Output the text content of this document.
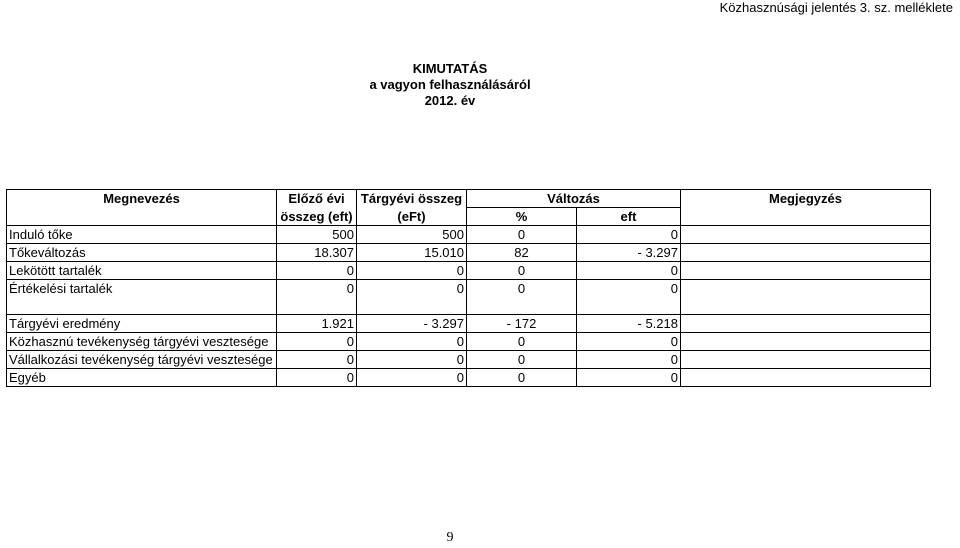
Közhasznúsági jelentés 3. sz. melléklete
KIMUTATÁS
a vagyon felhasználásáról
2012. év
Megnevezés	Előző évi	Tárgyévi összeg	Változás		Megjegyzés
	összeg (eft)	(eFt)	%	eft	
Induló tőke	500	500	0	0	
Tőkeváltozás	18.307	15.010	82	- 3.297	
Lekötött tartalék	0	0	0	0	
Értékelési tartalék	0	0	0	0	

Tárgyévi eredmény	1.921	- 3.297	- 172	- 5.218	
Közhasznú tevékenység tárgyévi vesztesége	0	0	0	0	
Vállalkozási tevékenység tárgyévi vesztesége	0	0	0	0	
Egyéb	0	0	0	0	
9
